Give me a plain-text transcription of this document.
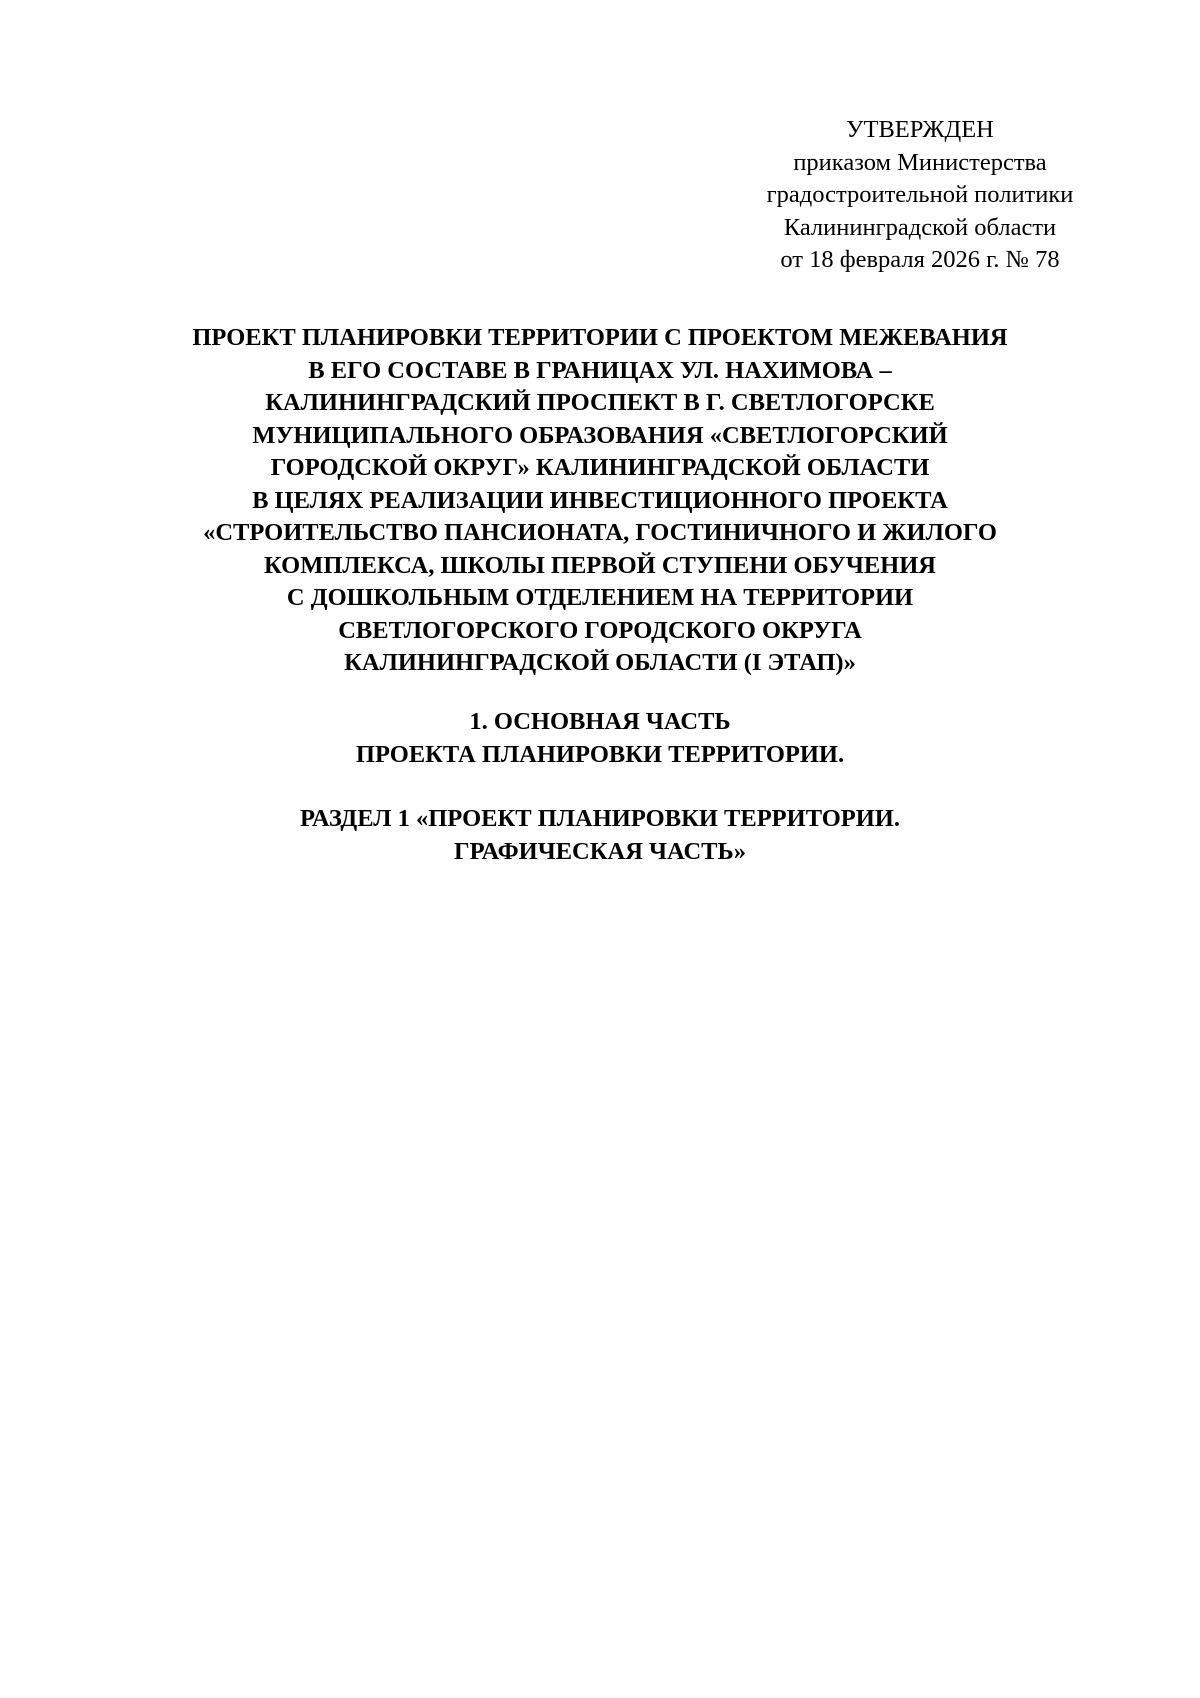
УТВЕРЖДЕН
приказом Министерства
градостроительной политики
Калининградской области
от 18 февраля 2026 г. № 78
ПРОЕКТ ПЛАНИРОВКИ ТЕРРИТОРИИ С ПРОЕКТОМ МЕЖЕВАНИЯ
В ЕГО СОСТАВЕ В ГРАНИЦАХ УЛ. НАХИМОВА –
КАЛИНИНГРАДСКИЙ ПРОСПЕКТ В Г. СВЕТЛОГОРСКЕ
МУНИЦИПАЛЬНОГО ОБРАЗОВАНИЯ «СВЕТЛОГОРСКИЙ
ГОРОДСКОЙ ОКРУГ» КАЛИНИНГРАДСКОЙ ОБЛАСТИ
В ЦЕЛЯХ РЕАЛИЗАЦИИ ИНВЕСТИЦИОННОГО ПРОЕКТА
«СТРОИТЕЛЬСТВО ПАНСИОНАТА, ГОСТИНИЧНОГО И ЖИЛОГО
КОМПЛЕКСА, ШКОЛЫ ПЕРВОЙ СТУПЕНИ ОБУЧЕНИЯ
С ДОШКОЛЬНЫМ ОТДЕЛЕНИЕМ НА ТЕРРИТОРИИ
СВЕТЛОГОРСКОГО ГОРОДСКОГО ОКРУГА
КАЛИНИНГРАДСКОЙ ОБЛАСТИ (I ЭТАП)»
1. ОСНОВНАЯ ЧАСТЬ
ПРОЕКТА ПЛАНИРОВКИ ТЕРРИТОРИИ.
РАЗДЕЛ 1 «ПРОЕКТ ПЛАНИРОВКИ ТЕРРИТОРИИ.
ГРАФИЧЕСКАЯ ЧАСТЬ»
